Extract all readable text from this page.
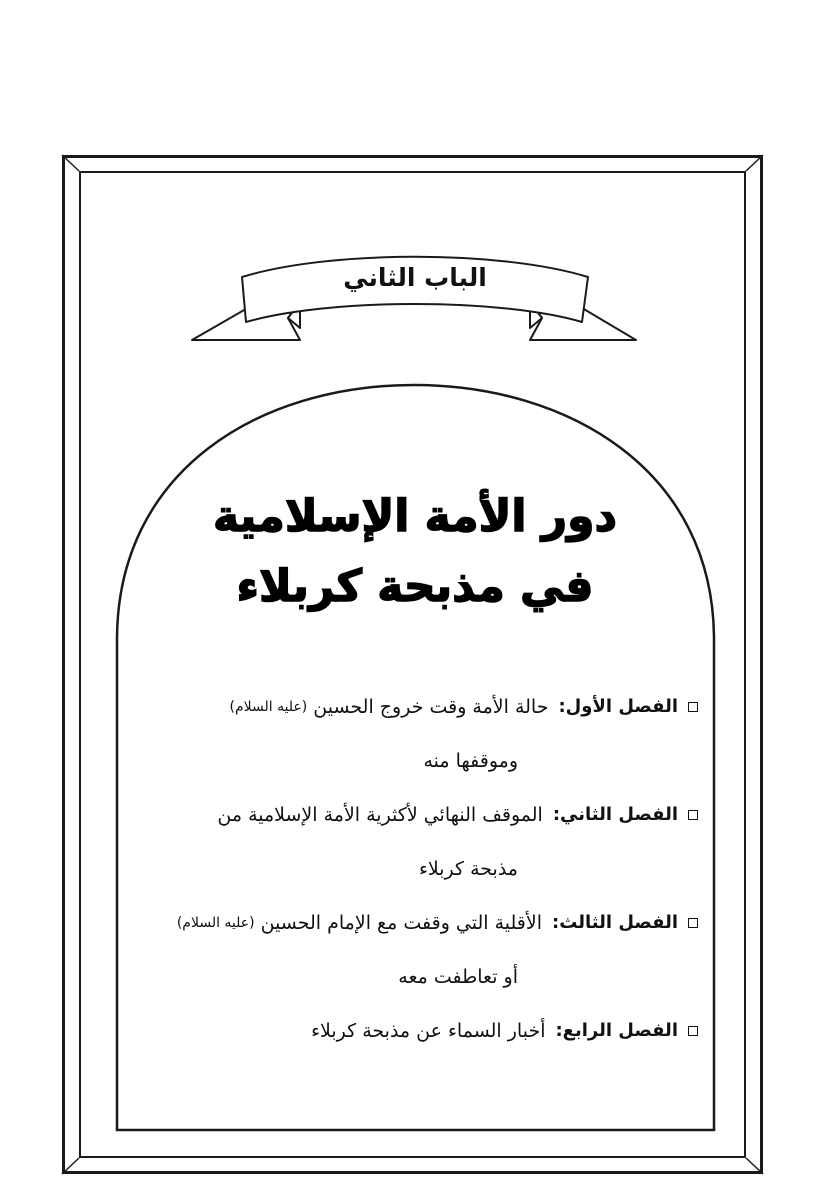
الباب الثاني
دور الأمة الإسلامية
في مذبحة كربلاء
الفصل الأول:
حالة الأمة وقت خروج الحسين
(عليه السلام)
وموقفها منه
الفصل الثاني:
الموقف النهائي لأكثرية الأمة الإسلامية من
مذبحة كربلاء
الفصل الثالث:
الأقلية التي وقفت مع الإمام الحسين
(عليه السلام)
أو تعاطفت معه
الفصل الرابع:
أخبار السماء عن مذبحة كربلاء
